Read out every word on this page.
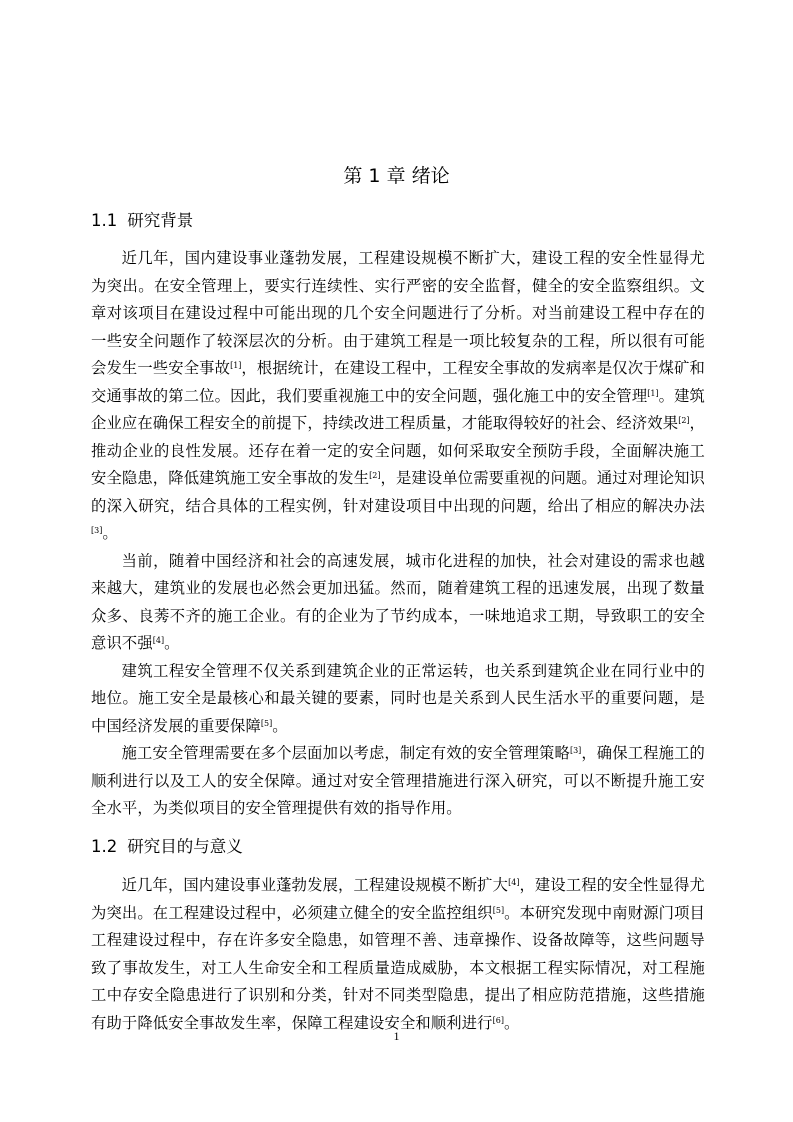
第 1 章 绪论
1.1 研究背景

近几年，国内建设事业蓬勃发展，工程建设规模不断扩大，建设工程的安全性显得尤为突出。在安全管理上，要实行连续性、实行严密的安全监督，健全的安全监察组织。文章对该项目在建设过程中可能出现的几个安全问题进行了分析。对当前建设工程中存在的一些安全问题作了较深层次的分析。由于建筑工程是一项比较复杂的工程，所以很有可能会发生一些安全事故[1]，根据统计，在建设工程中，工程安全事故的发病率是仅次于煤矿和交通事故的第二位。因此，我们要重视施工中的安全问题，强化施工中的安全管理[1]。建筑企业应在确保工程安全的前提下，持续改进工程质量，才能取得较好的社会、经济效果[2]，推动企业的良性发展。还存在着一定的安全问题，如何采取安全预防手段，全面解决施工安全隐患，降低建筑施工安全事故的发生[2]，是建设单位需要重视的问题。通过对理论知识的深入研究，结合具体的工程实例，针对建设项目中出现的问题，给出了相应的解决办法[3]。

当前，随着中国经济和社会的高速发展，城市化进程的加快，社会对建设的需求也越来越大，建筑业的发展也必然会更加迅猛。然而，随着建筑工程的迅速发展，出现了数量众多、良莠不齐的施工企业。有的企业为了节约成本，一味地追求工期，导致职工的安全意识不强[4]。

建筑工程安全管理不仅关系到建筑企业的正常运转，也关系到建筑企业在同行业中的地位。施工安全是最核心和最关键的要素，同时也是关系到人民生活水平的重要问题，是中国经济发展的重要保障[5]。

施工安全管理需要在多个层面加以考虑，制定有效的安全管理策略[3]，确保工程施工的顺利进行以及工人的安全保障。通过对安全管理措施进行深入研究，可以不断提升施工安全水平，为类似项目的安全管理提供有效的指导作用。

1.2 研究目的与意义

近几年，国内建设事业蓬勃发展，工程建设规模不断扩大[4]，建设工程的安全性显得尤为突出。在工程建设过程中，必须建立健全的安全监控组织[5]。本研究发现中南财源门项目工程建设过程中，存在许多安全隐患，如管理不善、违章操作、设备故障等，这些问题导致了事故发生，对工人生命安全和工程质量造成威胁，本文根据工程实际情况，对工程施工中存安全隐患进行了识别和分类，针对不同类型隐患，提出了相应防范措施，这些措施有助于降低安全事故发生率，保障工程建设安全和顺利进行[6]。

1
